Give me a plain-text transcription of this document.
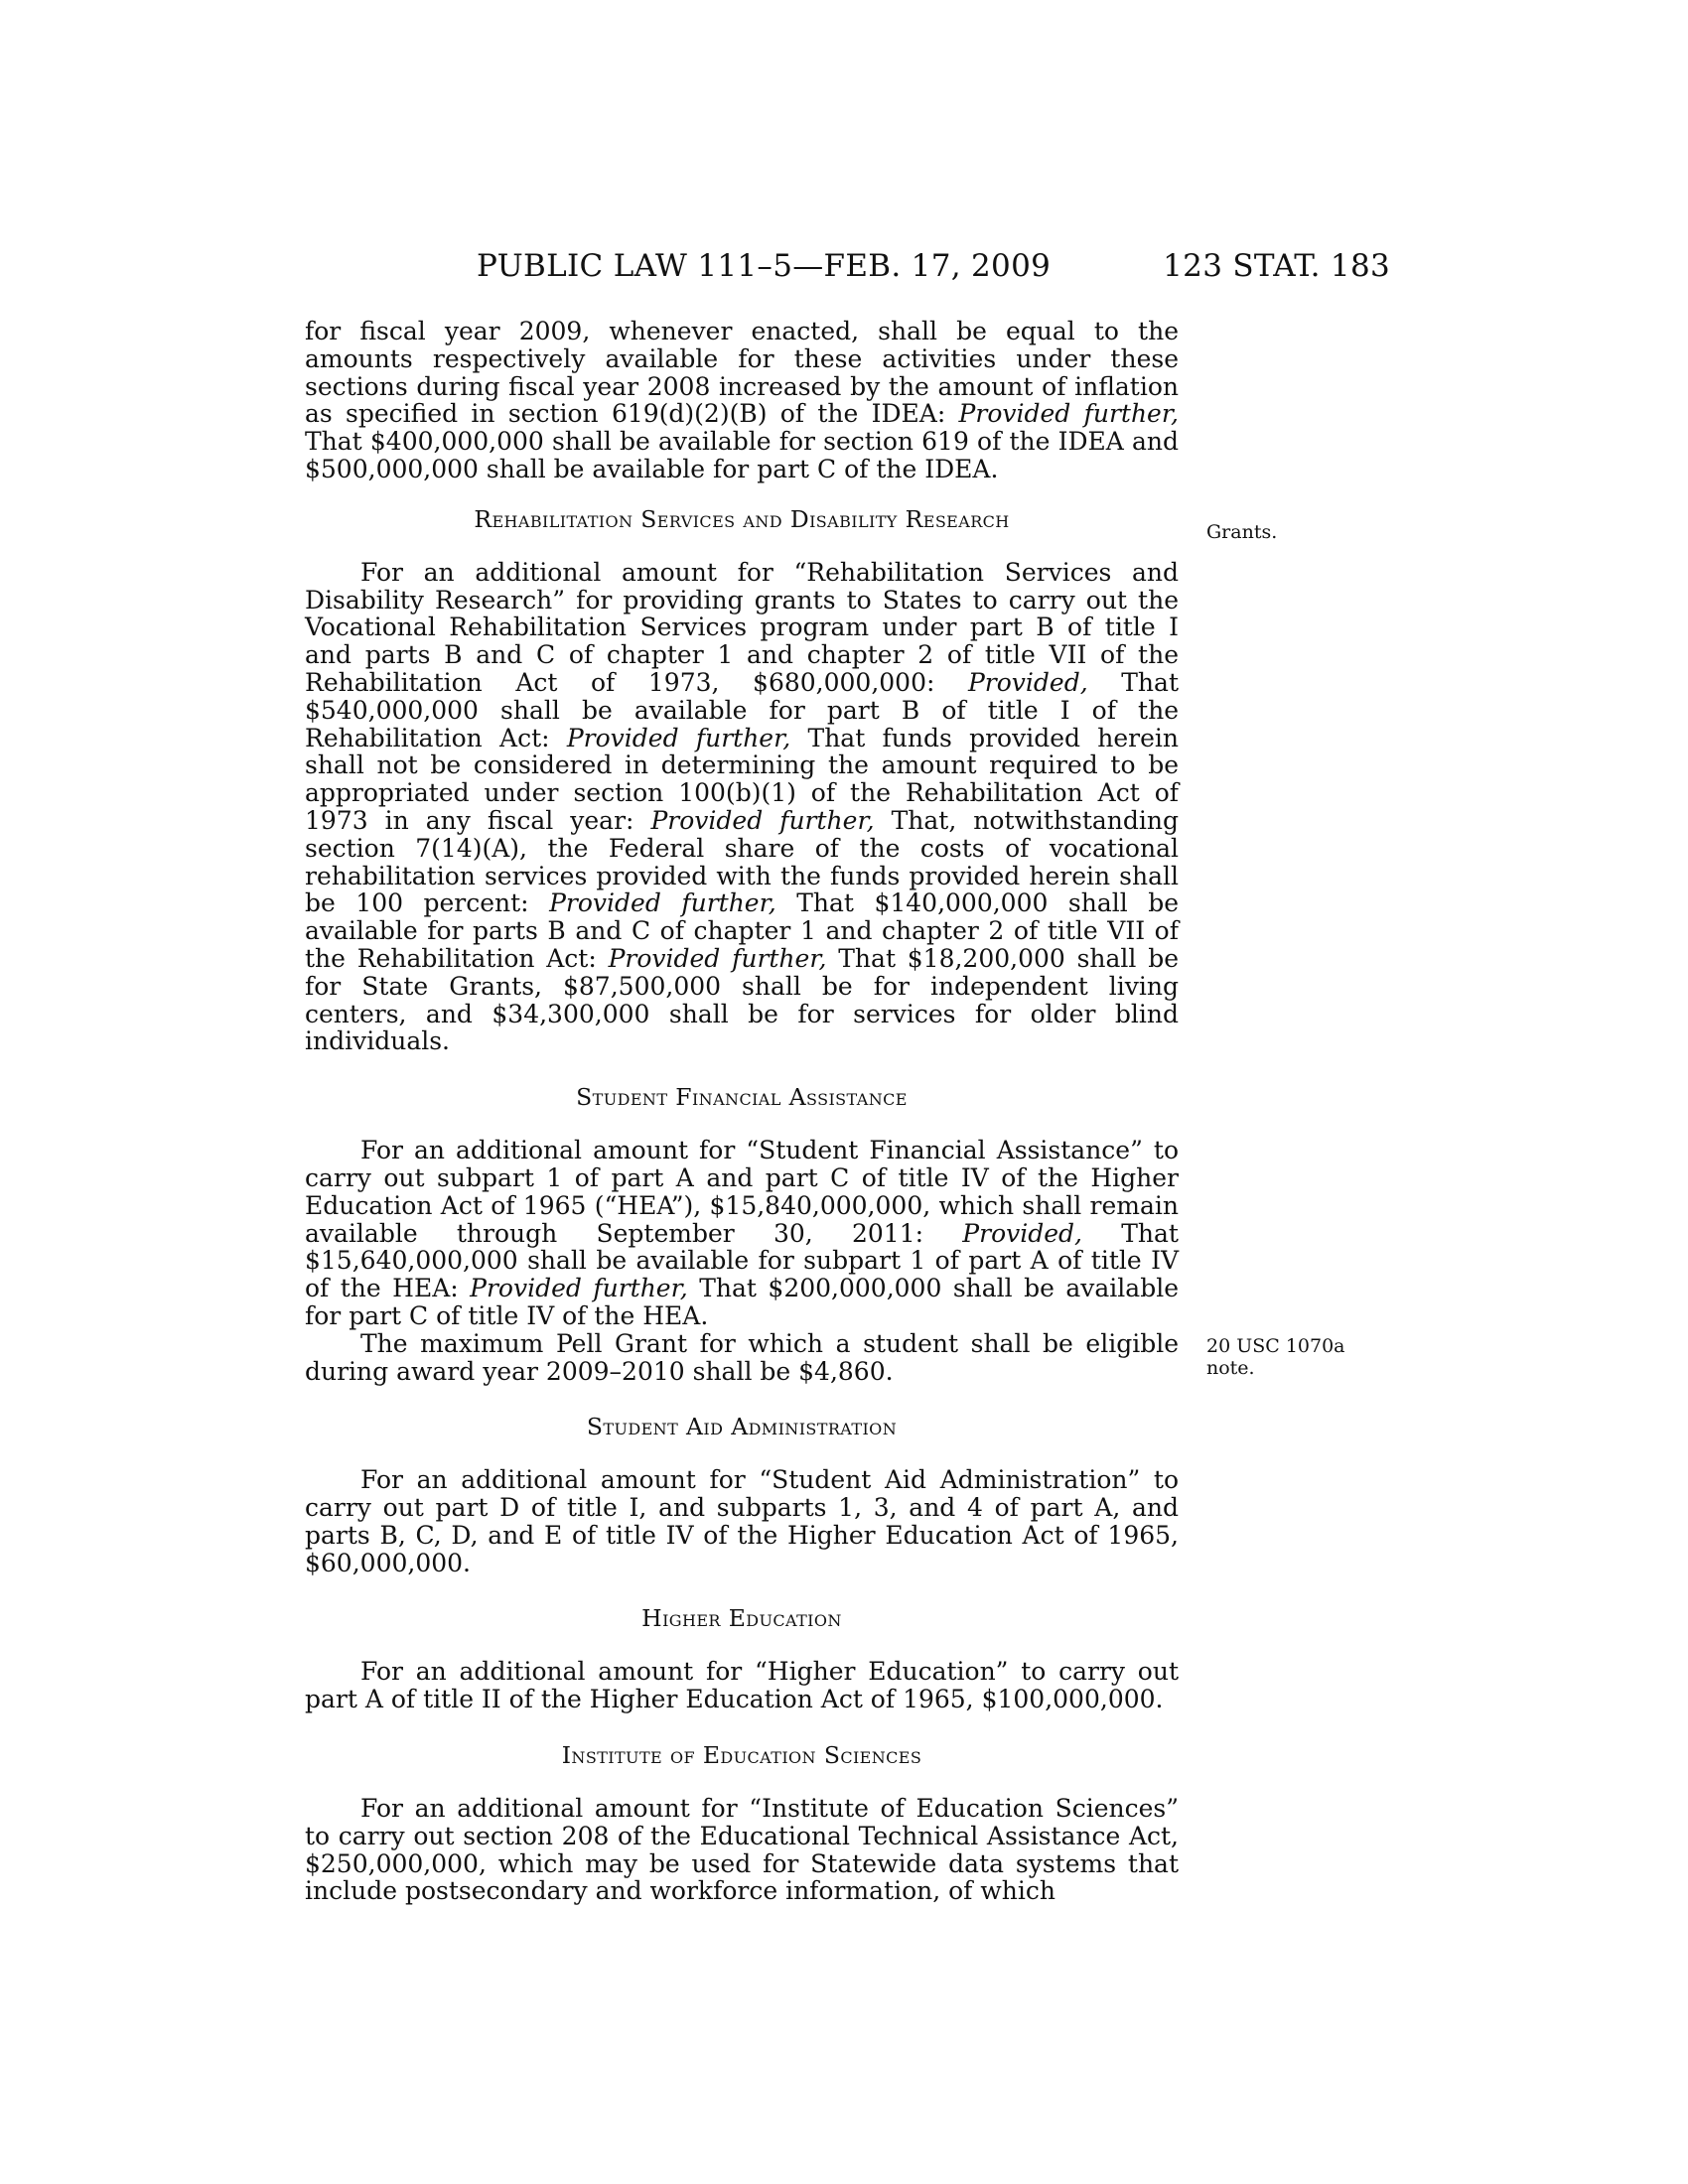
PUBLIC LAW 111–5—FEB. 17, 2009	123 STAT. 183
Grants.
20 USC 1070a
note.

for fiscal year 2009, whenever enacted, shall be equal to the amounts respectively available for these activities under these sections during fiscal year 2008 increased by the amount of inflation as specified in section 619(d)(2)(B) of the IDEA: Provided further, That $400,000,000 shall be available for section 619 of the IDEA and $500,000,000 shall be available for part C of the IDEA.

Rehabilitation Services and Disability Research

For an additional amount for “Rehabilitation Services and Disability Research” for providing grants to States to carry out the Vocational Rehabilitation Services program under part B of title I and parts B and C of chapter 1 and chapter 2 of title VII of the Rehabilitation Act of 1973, $680,000,000: Provided, That $540,000,000 shall be available for part B of title I of the Rehabilitation Act: Provided further, That funds provided herein shall not be considered in determining the amount required to be appropriated under section 100(b)(1) of the Rehabilitation Act of 1973 in any fiscal year: Provided further, That, notwithstanding section 7(14)(A), the Federal share of the costs of vocational rehabilitation services provided with the funds provided herein shall be 100 percent: Provided further, That $140,000,000 shall be available for parts B and C of chapter 1 and chapter 2 of title VII of the Rehabilitation Act: Provided further, That $18,200,000 shall be for State Grants, $87,500,000 shall be for independent living centers, and $34,300,000 shall be for services for older blind individuals.

Student Financial Assistance

For an additional amount for “Student Financial Assistance” to carry out subpart 1 of part A and part C of title IV of the Higher Education Act of 1965 (“HEA”), $15,840,000,000, which shall remain available through September 30, 2011: Provided, That $15,640,000,000 shall be available for subpart 1 of part A of title IV of the HEA: Provided further, That $200,000,000 shall be available for part C of title IV of the HEA.

The maximum Pell Grant for which a student shall be eligible during award year 2009–2010 shall be $4,860.

Student Aid Administration

For an additional amount for “Student Aid Administration” to carry out part D of title I, and subparts 1, 3, and 4 of part A, and parts B, C, D, and E of title IV of the Higher Education Act of 1965, $60,000,000.

Higher Education

For an additional amount for “Higher Education” to carry out part A of title II of the Higher Education Act of 1965, $100,000,000.

Institute of Education Sciences

For an additional amount for “Institute of Education Sciences” to carry out section 208 of the Educational Technical Assistance Act, $250,000,000, which may be used for Statewide data systems that include postsecondary and workforce information, of which
